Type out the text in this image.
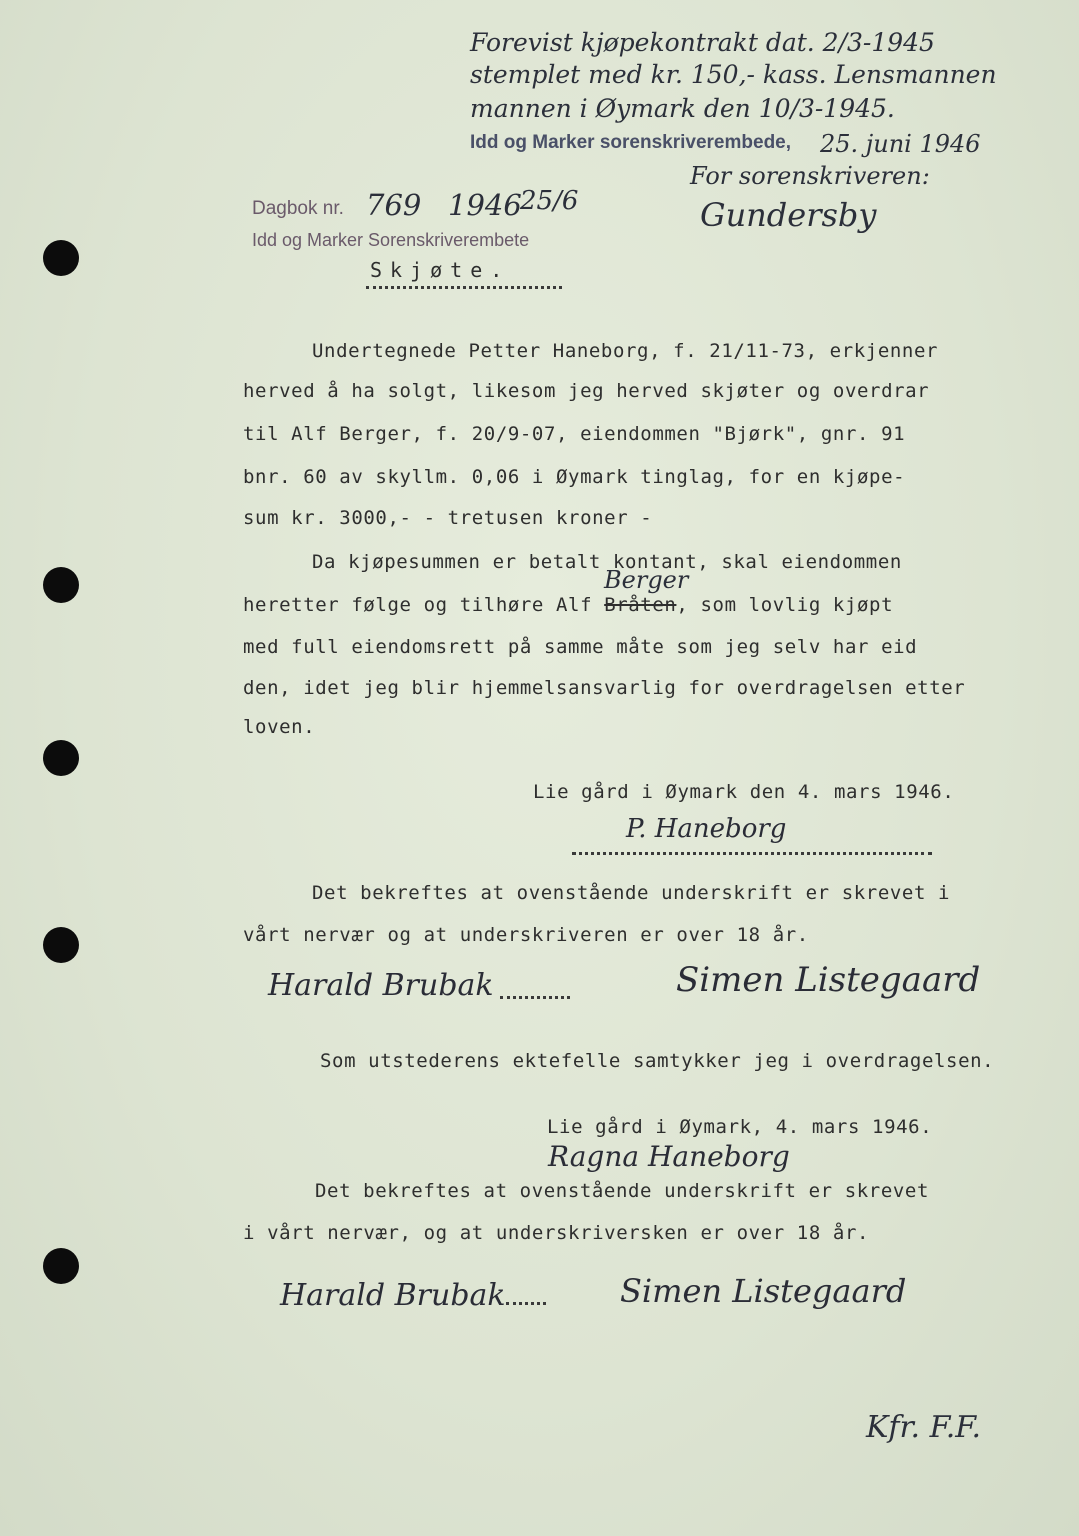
Forevist kjøpekontrakt dat. 2/3-1945
stemplet med kr. 150,- kass. Lensmannen
mannen i Øymark den 10/3-1945.
Idd og Marker sorenskriverembede, 25. juni 1946
For sorenskriveren:
Gundersby
Dagbok nr. 769 1946
25/6
Idd og Marker Sorenskriverembete
Skjøte.
Undertegnede Petter Haneborg, f. 21/11-73, erkjenner
herved å ha solgt, likesom jeg herved skjøter og overdrar
til Alf Berger, f. 20/9-07, eiendommen "Bjørk", gnr. 91
bnr. 60 av skyllm. 0,06 i Øymark tinglag, for en kjøpe-
sum kr. 3000,- - tretusen kroner -
Da kjøpesummen er betalt kontant, skal eiendommen
Berger
heretter følge og tilhøre Alf Bråten, som lovlig kjøpt
med full eiendomsrett på samme måte som jeg selv har eid
den, idet jeg blir hjemmelsansvarlig for overdragelsen etter
loven.
Lie gård i Øymark den 4. mars 1946.
P. Haneborg
Det bekreftes at ovenstående underskrift er skrevet i
vårt nervær og at underskriveren er over 18 år.
Harald Brubak	Simen Listegaard
Som utstederens ektefelle samtykker jeg i overdragelsen.
Lie gård i Øymark, 4. mars 1946.
Ragna Haneborg
Det bekreftes at ovenstående underskrift er skrevet
i vårt nervær, og at underskriversken er over 18 år.
Harald Brubak	Simen Listegaard
Kfr. F.F.
